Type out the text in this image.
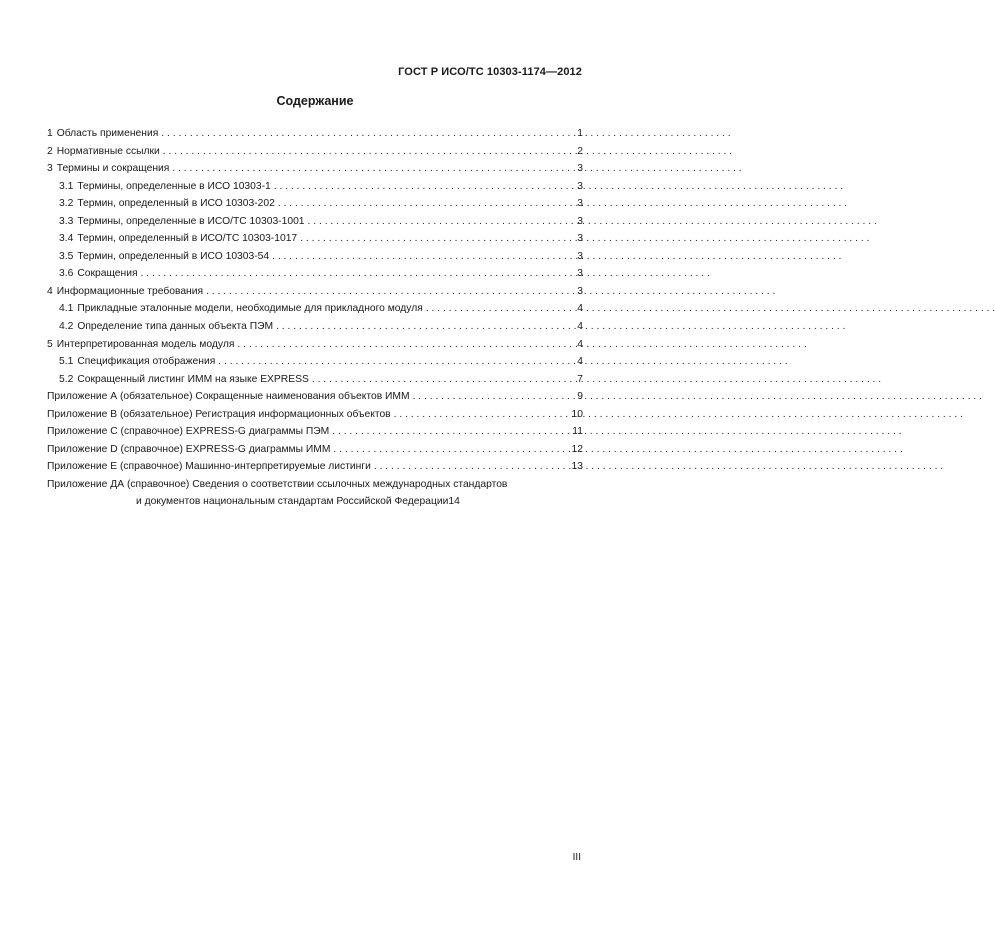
ГОСТ Р ИСО/ТС 10303-1174—2012
Содержание
1 Область применения . . .	1
2 Нормативные ссылки . . .	2
3 Термины и сокращения . . .	3
3.1 Термины, определенные в ИСО 10303-1 . . .	3
3.2 Термин, определенный в ИСО 10303-202 . . .	3
3.3 Термины, определенные в ИСО/ТС 10303-1001 . . .	3
3.4 Термин, определенный в ИСО/ТС 10303-1017 . . .	3
3.5 Термин, определенный в ИСО 10303-54 . . .	3
3.6 Сокращения . . .	3
4 Информационные требования . . .	3
4.1 Прикладные эталонные модели, необходимые для прикладного модуля . . .	4
4.2 Определение типа данных объекта ПЭМ . . .	4
5 Интерпретированная модель модуля . . .	4
5.1 Спецификация отображения . . .	4
5.2 Сокращенный листинг ИММ на языке EXPRESS . . .	7
Приложение А (обязательное) Сокращенные наименования объектов ИММ . . .	9
Приложение В (обязательное) Регистрация информационных объектов . . .	10
Приложение С (справочное) EXPRESS-G диаграммы ПЭМ . . .	11
Приложение D (справочное) EXPRESS-G диаграммы ИММ . . .	12
Приложение Е (справочное) Машинно-интерпретируемые листинги . . .	13
Приложение ДА (справочное) Сведения о соответствии ссылочных международных стандартов
и документов национальным стандартам Российской Федерации 14
III
